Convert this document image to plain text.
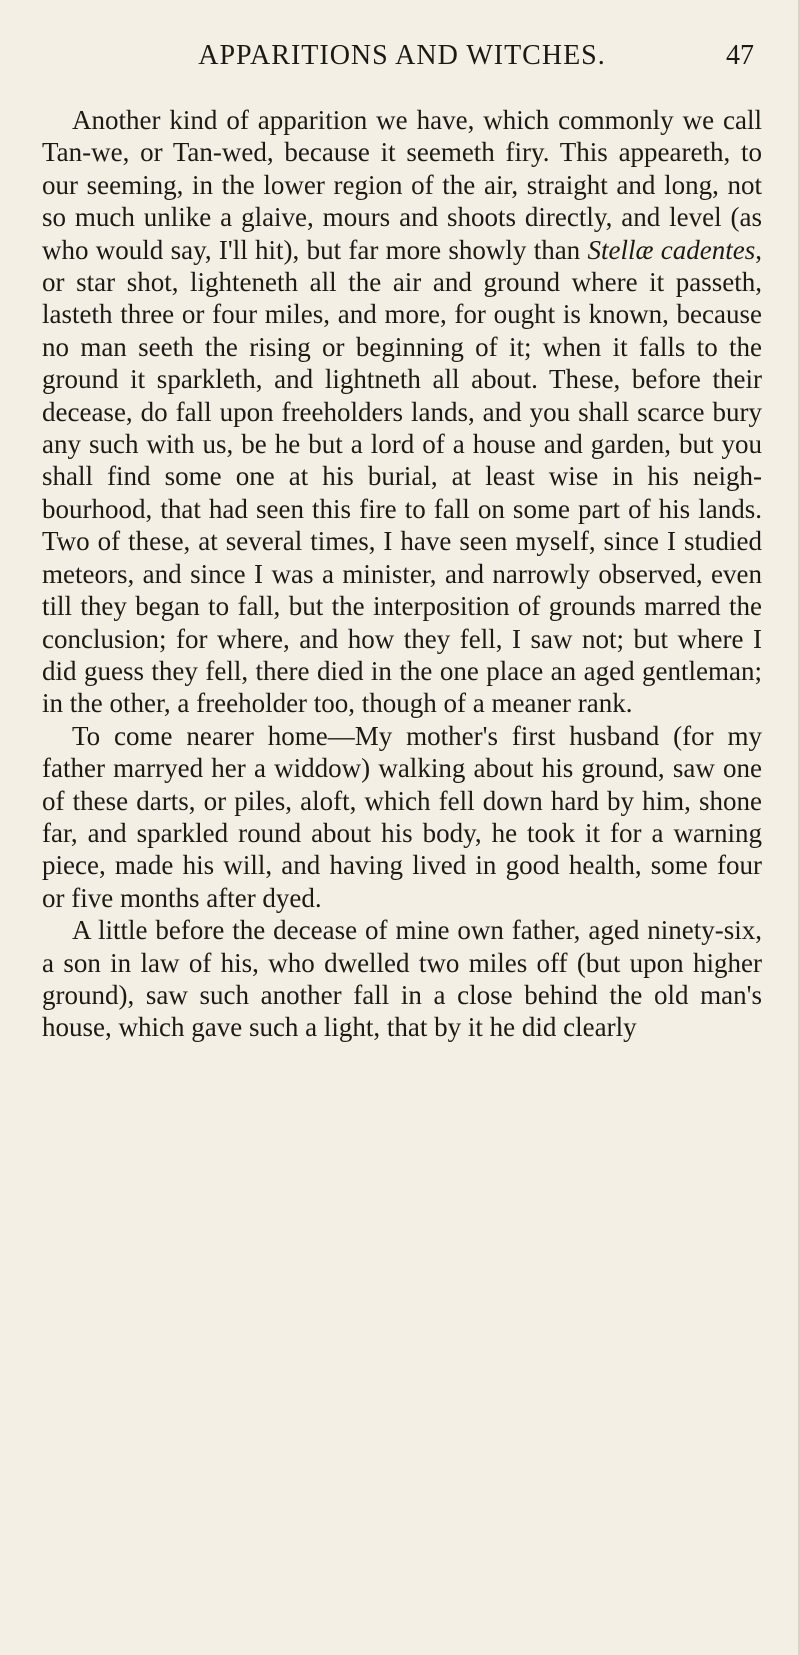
APPARITIONS AND WITCHES.	47

Another kind of apparition we have, which commonly we call Tan-we, or Tan-wed, because it seemeth firy. This appeareth, to our seeming, in the lower region of the air, straight and long, not so much unlike a glaive, mours and shoots directly, and level (as who would say, I'll hit), but far more showly than Stellæ cadentes, or star shot, lighteneth all the air and ground where it passeth, lasteth three or four miles, and more, for ought is known, because no man seeth the rising or beginning of it; when it falls to the ground it sparkleth, and lightneth all about. These, before their decease, do fall upon freeholders lands, and you shall scarce bury any such with us, be he but a lord of a house and garden, but you shall find some one at his burial, at least wise in his neighbourhood, that had seen this fire to fall on some part of his lands. Two of these, at several times, I have seen myself, since I studied meteors, and since I was a minister, and narrowly observed, even till they began to fall, but the interposition of grounds marred the conclusion; for where, and how they fell, I saw not; but where I did guess they fell, there died in the one place an aged gentleman; in the other, a freeholder too, though of a meaner rank.

To come nearer home—My mother's first husband (for my father marryed her a widdow) walking about his ground, saw one of these darts, or piles, aloft, which fell down hard by him, shone far, and sparkled round about his body, he took it for a warning piece, made his will, and having lived in good health, some four or five months after dyed.

A little before the decease of mine own father, aged ninety-six, a son in law of his, who dwelled two miles off (but upon higher ground), saw such another fall in a close behind the old man's house, which gave such a light, that by it he did clearly
